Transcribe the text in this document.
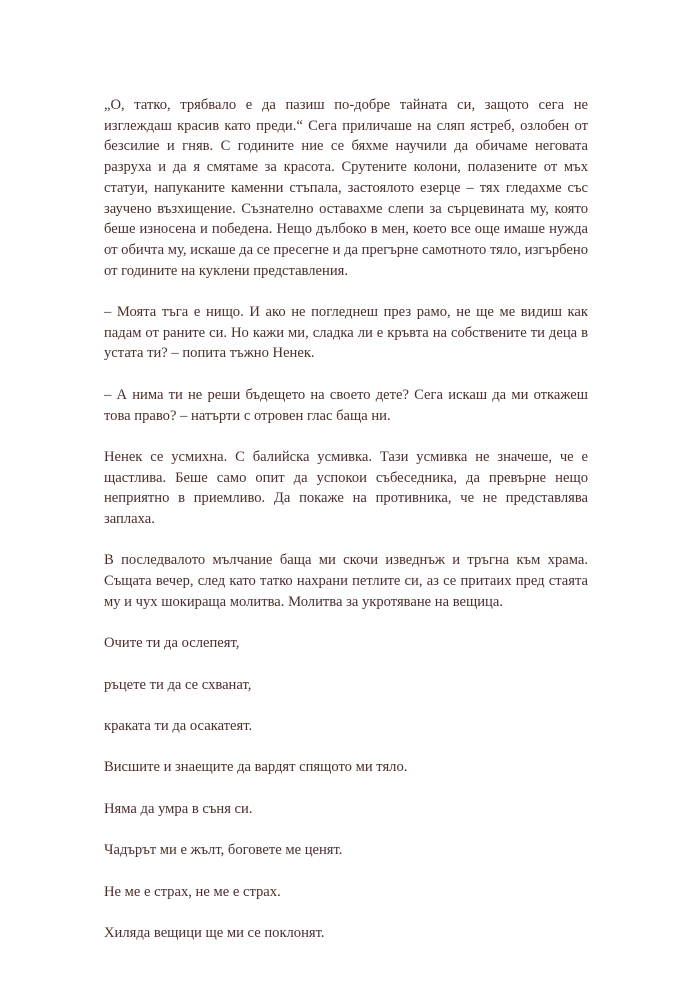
„О, татко, трябвало е да пазиш по-добре тайната си, защото сега не изглеждаш красив като преди.“ Сега приличаше на сляп ястреб, озлобен от безсилие и гняв. С годините ние се бяхме научили да обичаме неговата разруха и да я смятаме за красота. Срутените колони, полазените от мъх статуи, напуканите каменни стъпала, застоялото езерце – тях гледахме със заучено възхищение. Съзнателно оставахме слепи за сърцевината му, която беше износена и победена. Нещо дълбоко в мен, което все още имаше нужда от обичта му, искаше да се пресегне и да прегърне самотното тяло, изгърбено от годините на куклени представления.

– Моята тъга е нищо. И ако не погледнеш през рамо, не ще ме видиш как падам от раните си. Но кажи ми, сладка ли е кръвта на собствените ти деца в устата ти? – попита тъжно Ненек.

– А нима ти не реши бъдещето на своето дете? Сега искаш да ми откажеш това право? – натърти с отровен глас баща ни.

Ненек се усмихна. С балийска усмивка. Тази усмивка не значеше, че е щастлива. Беше само опит да успокои събеседника, да превърне нещо неприятно в приемливо. Да покаже на противника, че не представлява заплаха.

В последвалото мълчание баща ми скочи изведнъж и тръгна към храма. Същата вечер, след като татко нахрани петлите си, аз се притаих пред стаята му и чух шокираща молитва. Молитва за укротяване на вещица.

Очите ти да ослепеят,

ръцете ти да се схванат,

краката ти да осакатеят.

Висшите и знаещите да вардят спящото ми тяло.

Няма да умра в съня си.

Чадърът ми е жълт, боговете ме ценят.

Не ме е страх, не ме е страх.

Хиляда вещици ще ми се поклонят.
